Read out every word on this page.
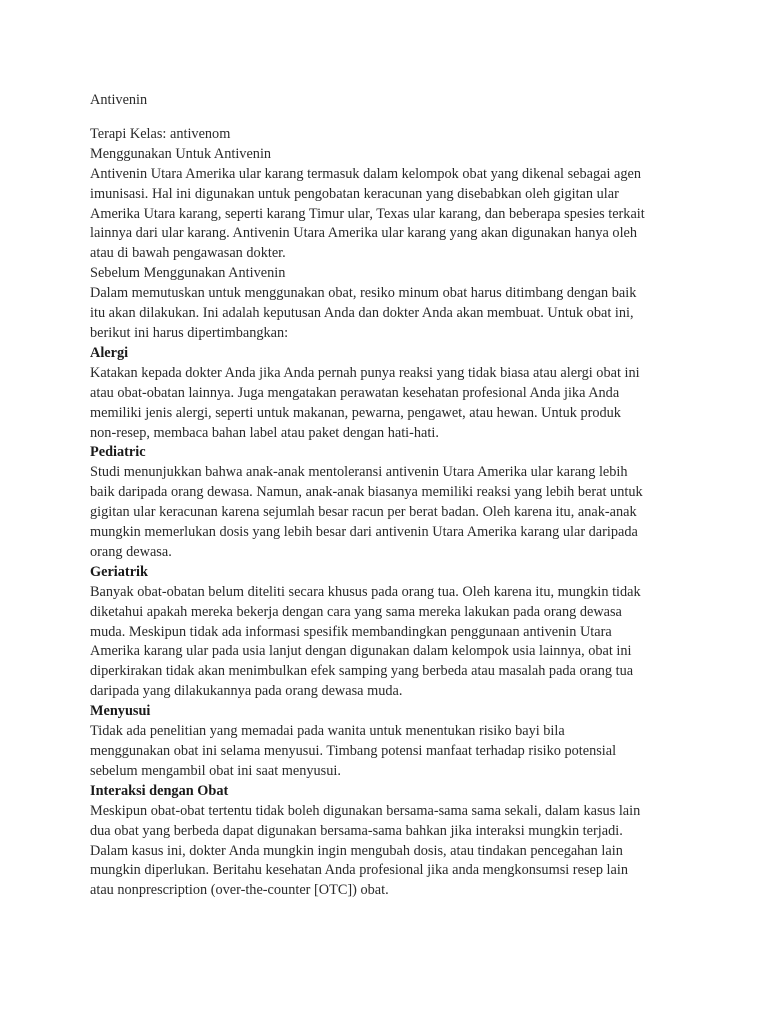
Antivenin
Terapi Kelas: antivenom
Menggunakan Untuk Antivenin
Antivenin Utara Amerika ular karang termasuk dalam kelompok obat yang dikenal sebagai agen
imunisasi. Hal ini digunakan untuk pengobatan keracunan yang disebabkan oleh gigitan ular
Amerika Utara karang, seperti karang Timur ular, Texas ular karang, dan beberapa spesies terkait
lainnya dari ular karang. Antivenin Utara Amerika ular karang yang akan digunakan hanya oleh
atau di bawah pengawasan dokter.
Sebelum Menggunakan Antivenin
Dalam memutuskan untuk menggunakan obat, resiko minum obat harus ditimbang dengan baik
itu akan dilakukan. Ini adalah keputusan Anda dan dokter Anda akan membuat. Untuk obat ini,
berikut ini harus dipertimbangkan:
Alergi
Katakan kepada dokter Anda jika Anda pernah punya reaksi yang tidak biasa atau alergi obat ini
atau obat-obatan lainnya. Juga mengatakan perawatan kesehatan profesional Anda jika Anda
memiliki jenis alergi, seperti untuk makanan, pewarna, pengawet, atau hewan. Untuk produk
non-resep, membaca bahan label atau paket dengan hati-hati.
Pediatric
Studi menunjukkan bahwa anak-anak mentoleransi antivenin Utara Amerika ular karang lebih
baik daripada orang dewasa. Namun, anak-anak biasanya memiliki reaksi yang lebih berat untuk
gigitan ular keracunan karena sejumlah besar racun per berat badan. Oleh karena itu, anak-anak
mungkin memerlukan dosis yang lebih besar dari antivenin Utara Amerika karang ular daripada
orang dewasa.
Geriatrik
Banyak obat-obatan belum diteliti secara khusus pada orang tua. Oleh karena itu, mungkin tidak
diketahui apakah mereka bekerja dengan cara yang sama mereka lakukan pada orang dewasa
muda. Meskipun tidak ada informasi spesifik membandingkan penggunaan antivenin Utara
Amerika karang ular pada usia lanjut dengan digunakan dalam kelompok usia lainnya, obat ini
diperkirakan tidak akan menimbulkan efek samping yang berbeda atau masalah pada orang tua
daripada yang dilakukannya pada orang dewasa muda.
Menyusui
Tidak ada penelitian yang memadai pada wanita untuk menentukan risiko bayi bila
menggunakan obat ini selama menyusui. Timbang potensi manfaat terhadap risiko potensial
sebelum mengambil obat ini saat menyusui.
Interaksi dengan Obat
Meskipun obat-obat tertentu tidak boleh digunakan bersama-sama sama sekali, dalam kasus lain
dua obat yang berbeda dapat digunakan bersama-sama bahkan jika interaksi mungkin terjadi.
Dalam kasus ini, dokter Anda mungkin ingin mengubah dosis, atau tindakan pencegahan lain
mungkin diperlukan. Beritahu kesehatan Anda profesional jika anda mengkonsumsi resep lain
atau nonprescription (over-the-counter [OTC]) obat.
